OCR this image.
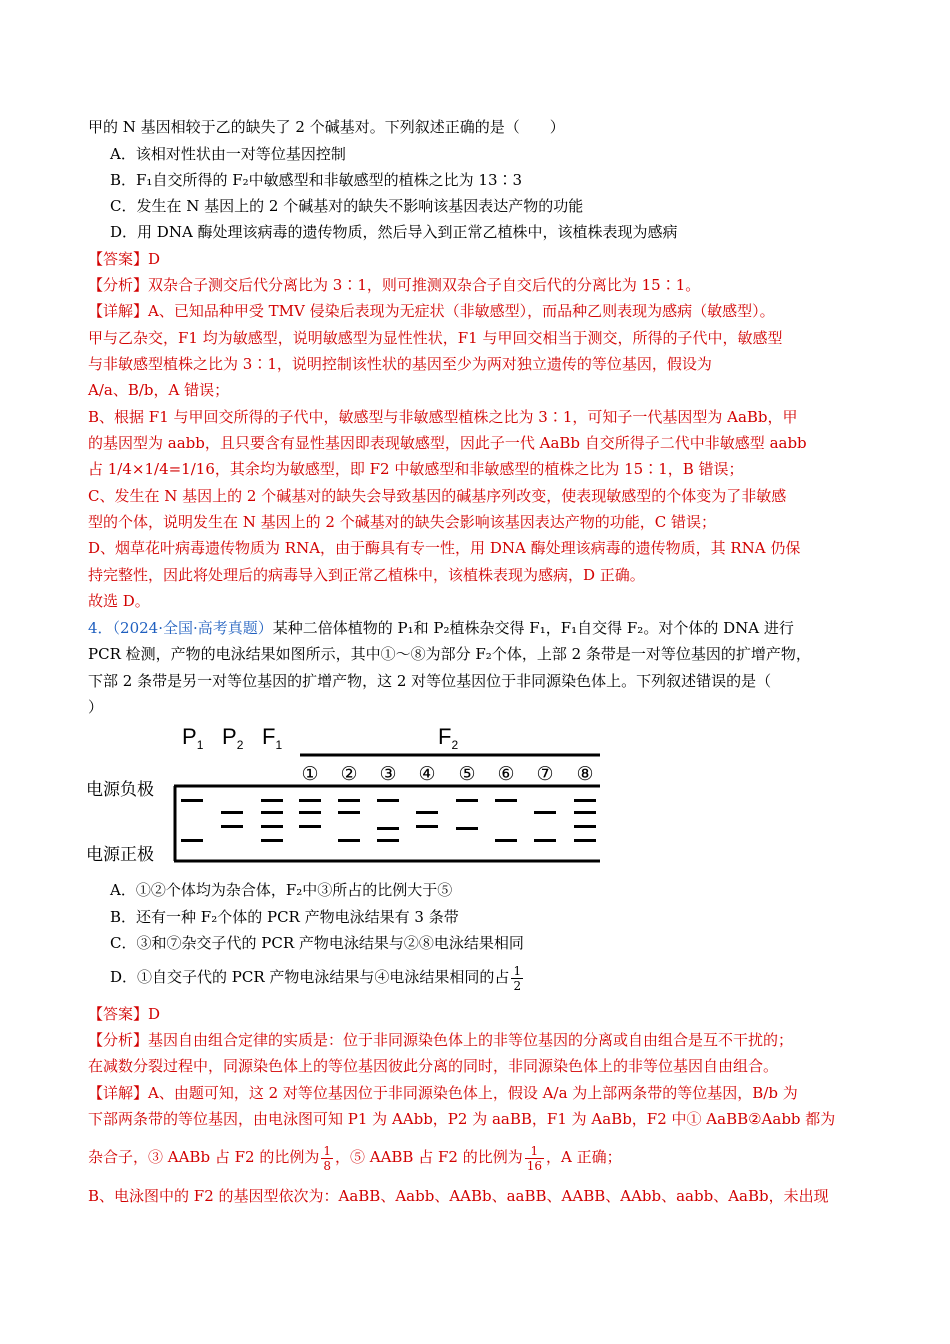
甲的 N 基因相较于乙的缺失了 2 个碱基对。下列叙述正确的是（　　）
A．该相对性状由一对等位基因控制
B．F₁自交所得的 F₂中敏感型和非敏感型的植株之比为 13∶3
C．发生在 N 基因上的 2 个碱基对的缺失不影响该基因表达产物的功能
D．用 DNA 酶处理该病毒的遗传物质，然后导入到正常乙植株中，该植株表现为感病
【答案】D
【分析】双杂合子测交后代分离比为 3∶1，则可推测双杂合子自交后代的分离比为 15∶1。
【详解】A、已知品种甲受 TMV 侵染后表现为无症状（非敏感型），而品种乙则表现为感病（敏感型）。
甲与乙杂交，F1 均为敏感型，说明敏感型为显性性状，F1 与甲回交相当于测交，所得的子代中，敏感型
与非敏感型植株之比为 3∶1，说明控制该性状的基因至少为两对独立遗传的等位基因，假设为
A/a、B/b，A 错误；
B、根据 F1 与甲回交所得的子代中，敏感型与非敏感型植株之比为 3∶1，可知子一代基因型为 AaBb，甲
的基因型为 aabb，且只要含有显性基因即表现敏感型，因此子一代 AaBb 自交所得子二代中非敏感型 aabb
占 1/4×1/4=1/16，其余均为敏感型，即 F2 中敏感型和非敏感型的植株之比为 15∶1，B 错误；
C、发生在 N 基因上的 2 个碱基对的缺失会导致基因的碱基序列改变，使表现敏感型的个体变为了非敏感
型的个体，说明发生在 N 基因上的 2 个碱基对的缺失会影响该基因表达产物的功能，C 错误；
D、烟草花叶病毒遗传物质为 RNA，由于酶具有专一性，用 DNA 酶处理该病毒的遗传物质，其 RNA 仍保
持完整性，因此将处理后的病毒导入到正常乙植株中，该植株表现为感病，D 正确。
故选 D。
4．（2024·全国·高考真题）某种二倍体植物的 P₁和 P₂植株杂交得 F₁，F₁自交得 F₂。对个体的 DNA 进行
PCR 检测，产物的电泳结果如图所示，其中①～⑧为部分 F₂个体，上部 2 条带是一对等位基因的扩增产物，
下部 2 条带是另一对等位基因的扩增产物，这 2 对等位基因位于非同源染色体上。下列叙述错误的是（
）
$P_1$ $P_2$ $F_1$	$F_2$
① ② ③ ④ ⑤ ⑥ ⑦ ⑧
电源负极
电源正极
A．①②个体均为杂合体，F₂中③所占的比例大于⑤
B．还有一种 F₂个体的 PCR 产物电泳结果有 3 条带
C．③和⑦杂交子代的 PCR 产物电泳结果与②⑧电泳结果相同
D．①自交子代的 PCR 产物电泳结果与④电泳结果相同的占 $\frac{1}{2}$
【答案】D
【分析】基因自由组合定律的实质是：位于非同源染色体上的非等位基因的分离或自由组合是互不干扰的；
在减数分裂过程中，同源染色体上的等位基因彼此分离的同时，非同源染色体上的非等位基因自由组合。
【详解】A、由题可知，这 2 对等位基因位于非同源染色体上，假设 A/a 为上部两条带的等位基因，B/b 为
下部两条带的等位基因，由电泳图可知 P1 为 AAbb，P2 为 aaBB，F1 为 AaBb，F2 中① AaBB②Aabb 都为
杂合子，③ AABb 占 F2 的比例为 $\frac{1}{8}$ ，⑤ AABB 占 F2 的比例为 $\frac{1}{16}$ ，A 正确；
B、电泳图中的 F2 的基因型依次为：AaBB、Aabb、AABb、aaBB、AABB、AAbb、aabb、AaBb，未出现
